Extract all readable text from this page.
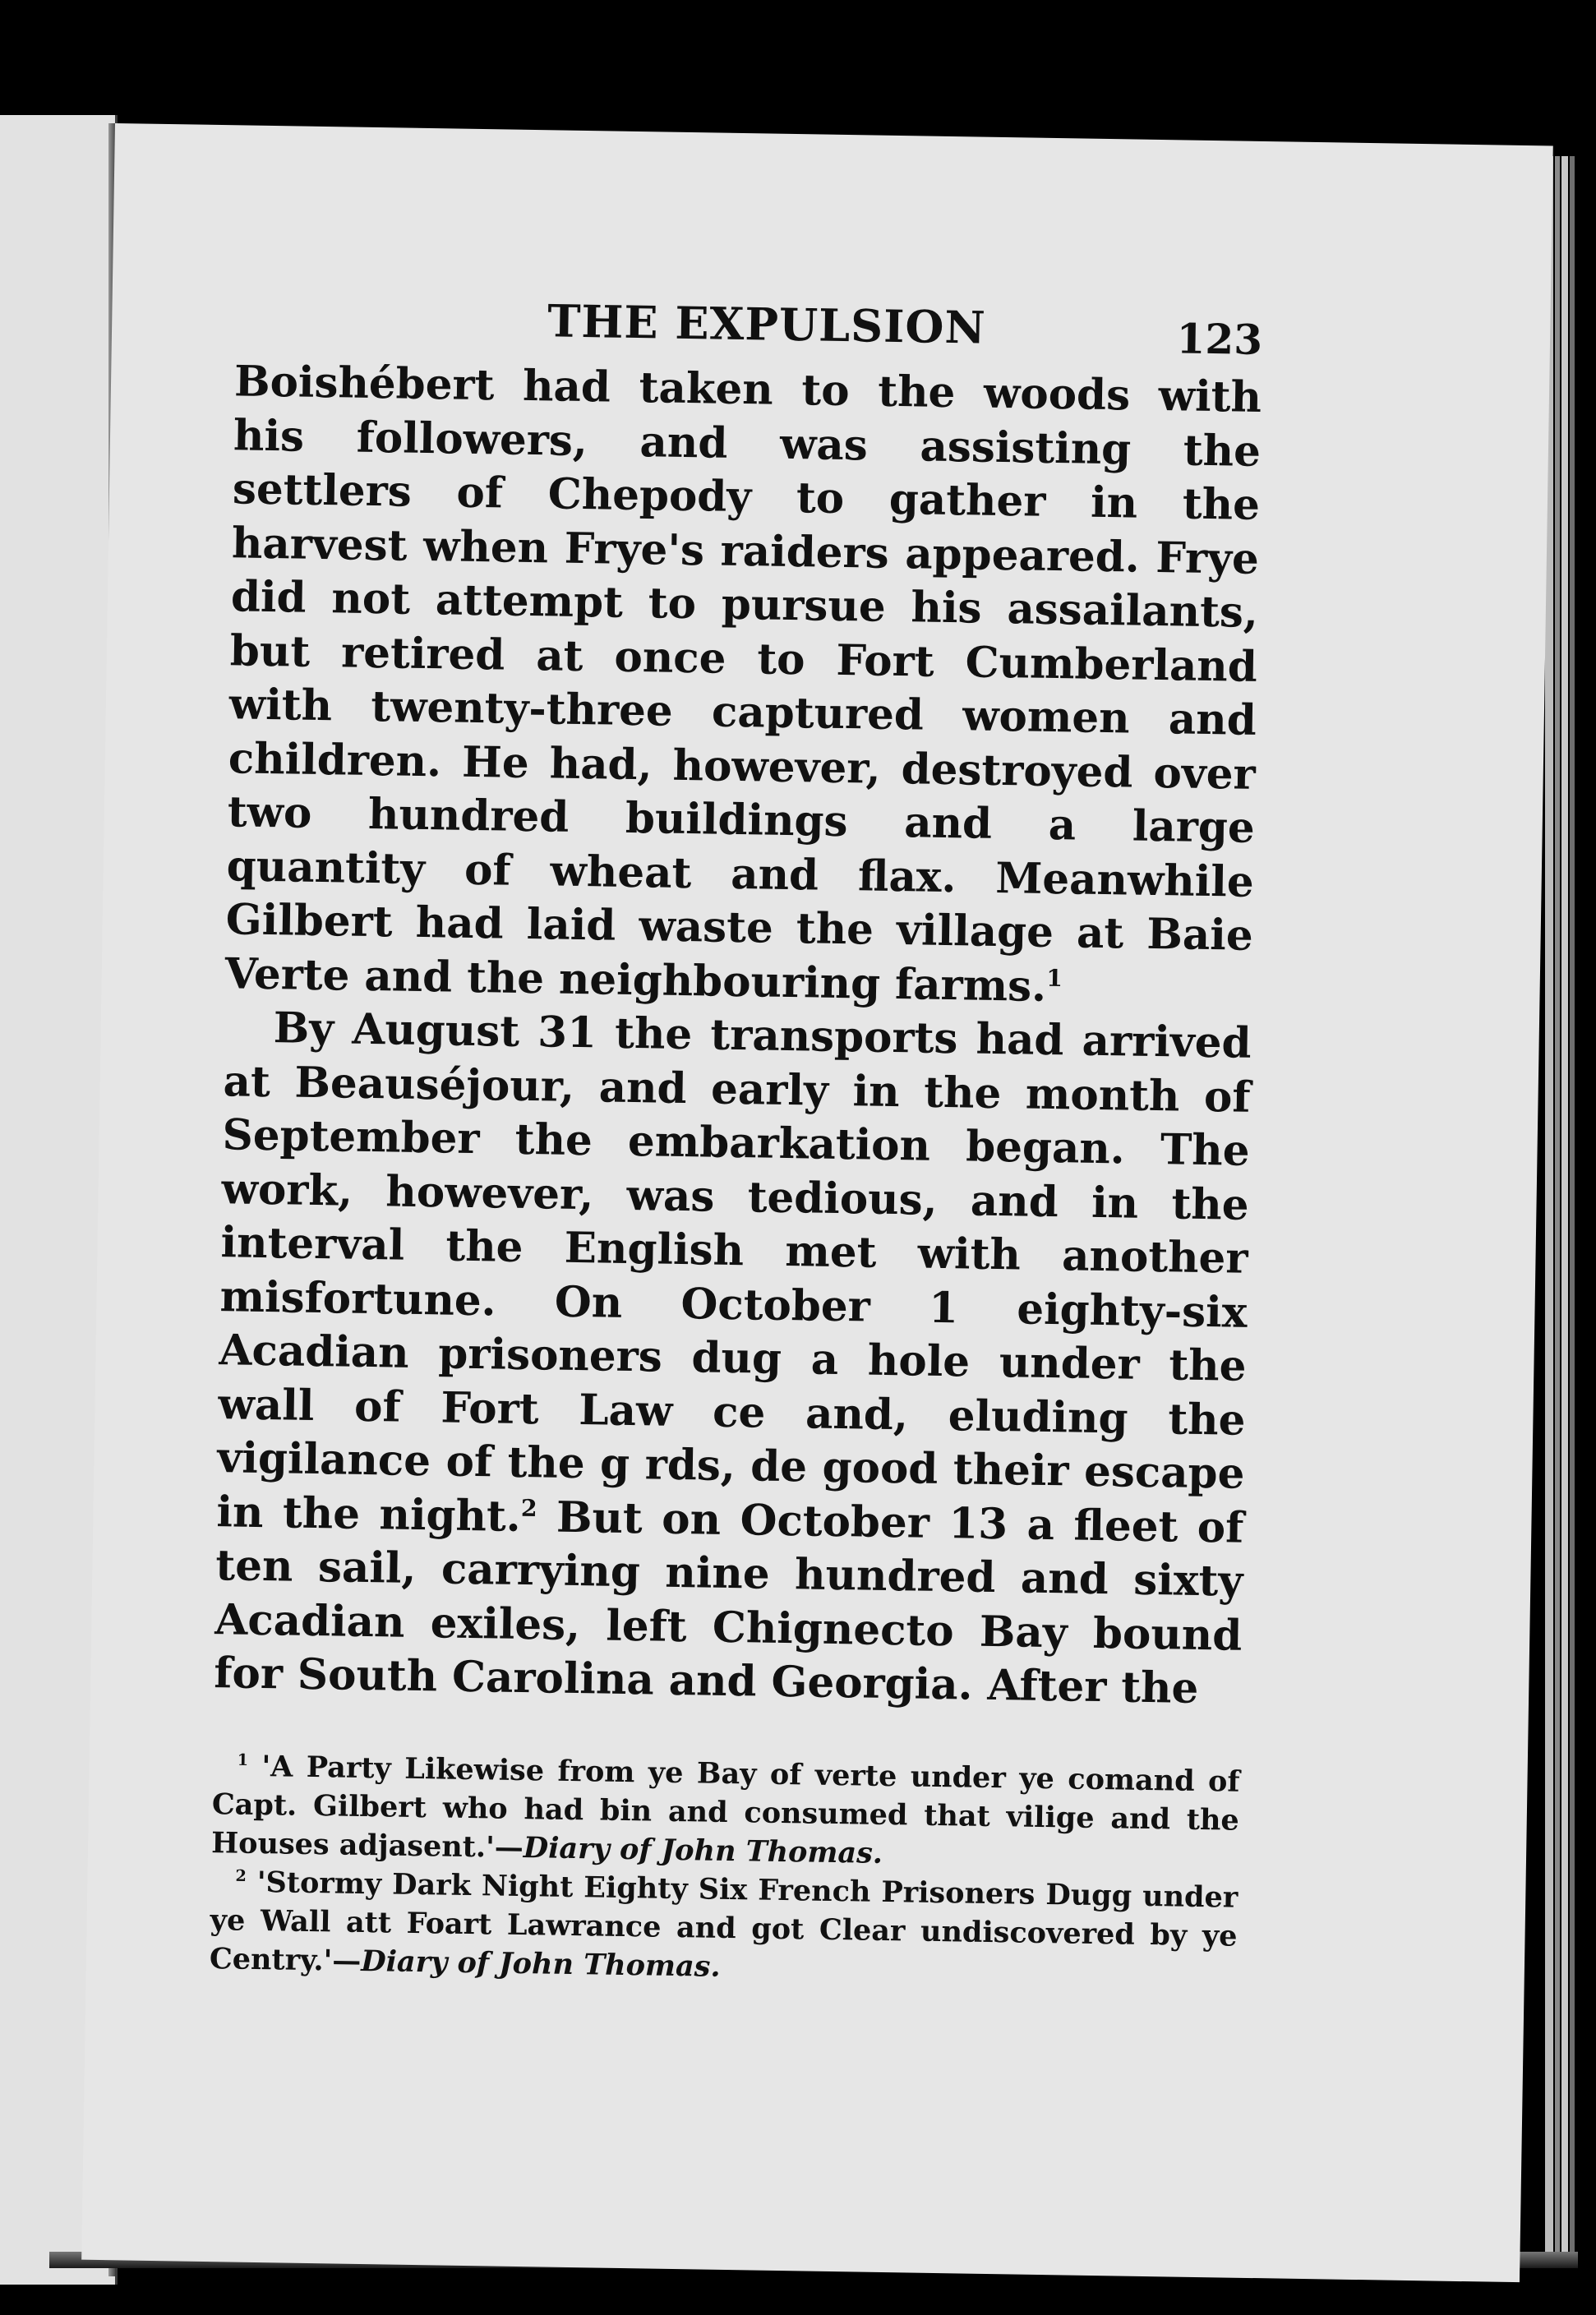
THE EXPULSION	123

Boishébert had taken to the woods with his followers, and was assisting the settlers of Chepody to gather in the harvest when Frye's raiders appeared. Frye did not attempt to pursue his assailants, but retired at once to Fort Cumberland with twenty-three captured women and children. He had, however, destroyed over two hundred buildings and a large quantity of wheat and flax. Meanwhile Gilbert had laid waste the village at Baie Verte and the neighbouring farms.$^1$

By August 31 the transports had arrived at Beauséjour, and early in the month of September the embarkation began. The work, however, was tedious, and in the interval the English met with another misfortune. On October 1 eighty-six Acadian prisoners dug a hole under the wall of Fort Law ce and, eluding the vigilance of the g rds, de good their escape in the night.$^2$ But on October 13 a fleet of ten sail, carrying nine hundred and sixty Acadian exiles, left Chignecto Bay bound for South Carolina and Georgia. After the

$^1$ 'A Party Likewise from ye Bay of verte under ye comand of Capt. Gilbert who had bin and consumed that vilige and the Houses adjasent.'—Diary of John Thomas.

$^2$ 'Stormy Dark Night Eighty Six French Prisoners Dugg under ye Wall att Foart Lawrance and got Clear undiscovered by ye Centry.'—Diary of John Thomas.
